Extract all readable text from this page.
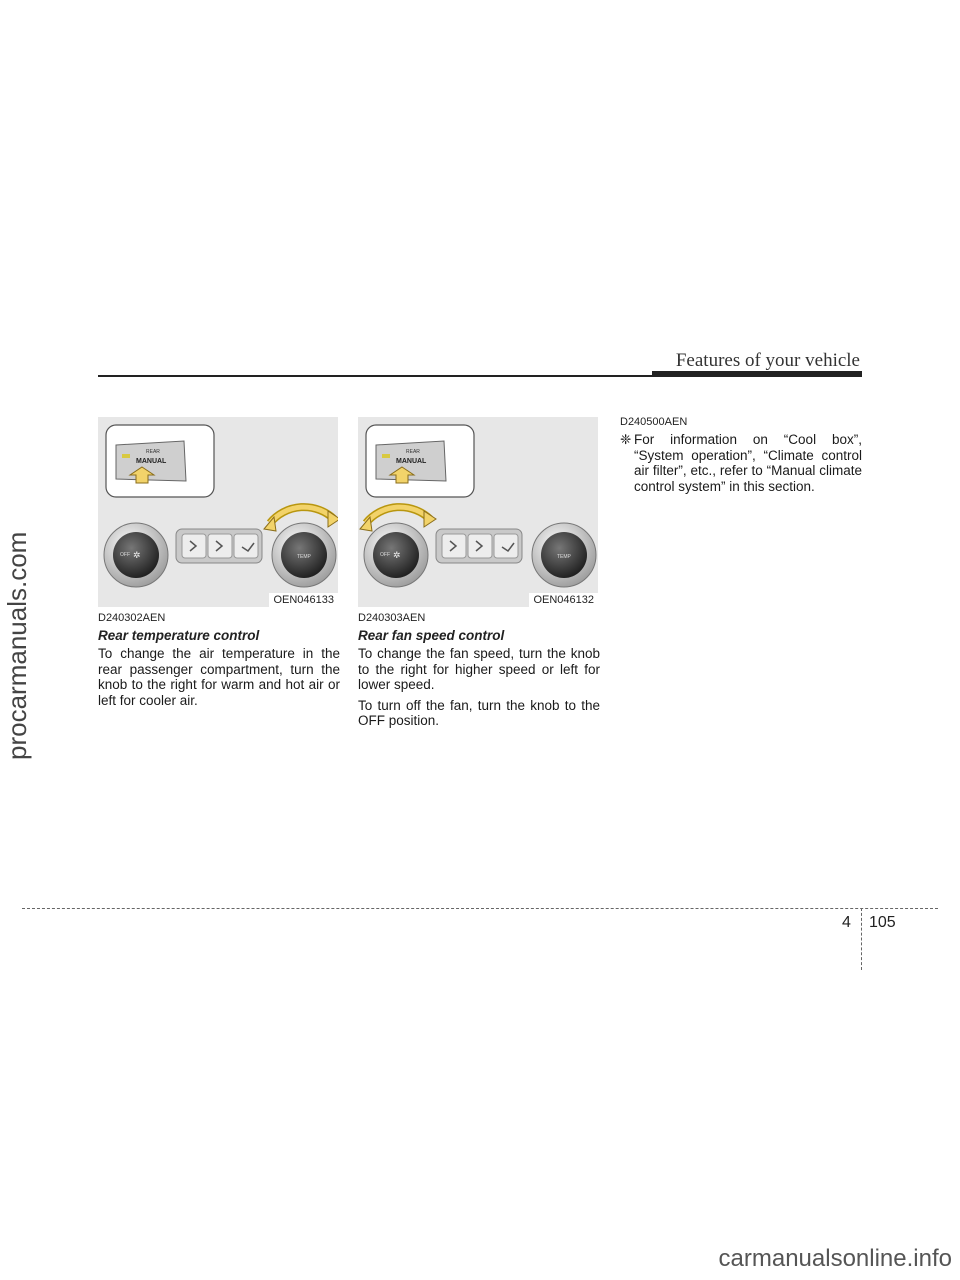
Features of your vehicle
procarmanuals.com
carmanualsonline.info
REAR
MANUAL
OFF ✲	TEMP
OEN046133
REAR
MANUAL
OFF ✲	TEMP
OEN046132

D240302AEN

Rear temperature control

To change the air temperature in the rear passenger compartment, turn the knob to the right for warm and hot air or left for cooler air.

D240303AEN

Rear fan speed control

To change the fan speed, turn the knob to the right for higher speed or left for lower speed.

To turn off the fan, turn the knob to the OFF position.

D240500AEN

❈ For information on “Cool box”, “System operation”, “Climate control air filter”, etc., refer to “Manual climate control system” in this section.
4 105
